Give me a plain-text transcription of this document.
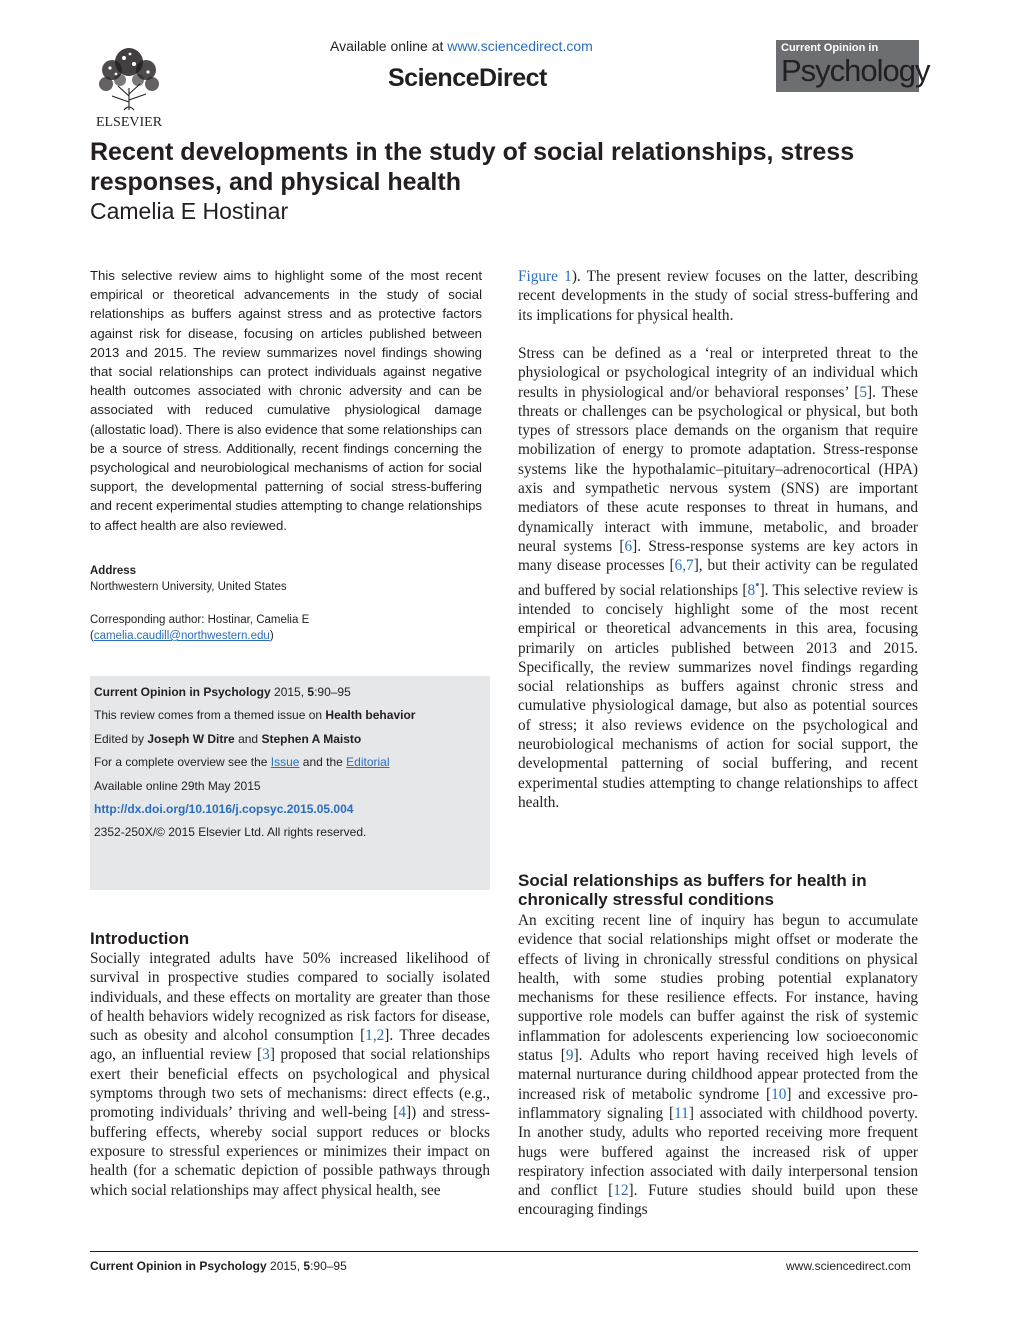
ELSEVIER
Available online at www.sciencedirect.com
ScienceDirect
Current Opinion in
Psychology
Recent developments in the study of social relationships, stress responses, and physical health
Camelia E Hostinar

This selective review aims to highlight some of the most recent empirical or theoretical advancements in the study of social relationships as buffers against stress and as protective factors against risk for disease, focusing on articles published between 2013 and 2015. The review summarizes novel findings showing that social relationships can protect individuals against negative health outcomes associated with chronic adversity and can be associated with reduced cumulative physiological damage (allostatic load). There is also evidence that some relationships can be a source of stress. Additionally, recent findings concerning the psychological and neurobiological mechanisms of action for social support, the developmental patterning of social stress-buffering and recent experimental studies attempting to change relationships to affect health are also reviewed.

Address
Northwestern University, United States
Corresponding author: Hostinar, Camelia E
(camelia.caudill@northwestern.edu)
Current Opinion in Psychology 2015, 5:90–95
This review comes from a themed issue on Health behavior
Edited by Joseph W Ditre and Stephen A Maisto
For a complete overview see the Issue and the Editorial
Available online 29th May 2015
http://dx.doi.org/10.1016/j.copsyc.2015.05.004
2352-250X/© 2015 Elsevier Ltd. All rights reserved.
Introduction

Socially integrated adults have 50% increased likelihood of survival in prospective studies compared to socially isolated individuals, and these effects on mortality are greater than those of health behaviors widely recognized as risk factors for disease, such as obesity and alcohol consumption [1,2]. Three decades ago, an influential review [3] proposed that social relationships exert their beneficial effects on psychological and physical symptoms through two sets of mechanisms: direct effects (e.g., promoting individuals’ thriving and well-being [4]) and stress-buffering effects, whereby social support reduces or blocks exposure to stressful experiences or minimizes their impact on health (for a schematic depiction of possible pathways through which social relationships may affect physical health, see

Figure 1). The present review focuses on the latter, describing recent developments in the study of social stress-buffering and its implications for physical health.

Stress can be defined as a ‘real or interpreted threat to the physiological or psychological integrity of an individual which results in physiological and/or behavioral responses’ [5]. These threats or challenges can be psychological or physical, but both types of stressors place demands on the organism that require mobilization of energy to promote adaptation. Stress-response systems like the hypothalamic–pituitary–adrenocortical (HPA) axis and sympathetic nervous system (SNS) are important mediators of these acute responses to threat in humans, and dynamically interact with immune, metabolic, and broader neural systems [6]. Stress-response systems are key actors in many disease processes [6,7], but their activity can be regulated and buffered by social relationships [8•]. This selective review is intended to concisely highlight some of the most recent empirical or theoretical advancements in this area, focusing primarily on articles published between 2013 and 2015. Specifically, the review summarizes novel findings regarding social relationships as buffers against chronic stress and cumulative physiological damage, but also as potential sources of stress; it also reviews evidence on the psychological and neurobiological mechanisms of action for social support, the developmental patterning of social buffering, and recent experimental studies attempting to change relationships to affect health.

Social relationships as buffers for health in chronically stressful conditions

An exciting recent line of inquiry has begun to accumulate evidence that social relationships might offset or moderate the effects of living in chronically stressful conditions on physical health, with some studies probing potential explanatory mechanisms for these resilience effects. For instance, having supportive role models can buffer against the risk of systemic inflammation for adolescents experiencing low socioeconomic status [9]. Adults who report having received high levels of maternal nurturance during childhood appear protected from the increased risk of metabolic syndrome [10] and excessive pro-inflammatory signaling [11] associated with childhood poverty. In another study, adults who reported receiving more frequent hugs were buffered against the increased risk of upper respiratory infection associated with daily interpersonal tension and conflict [12]. Future studies should build upon these encouraging findings

Current Opinion in Psychology 2015, 5:90–95	www.sciencedirect.com
